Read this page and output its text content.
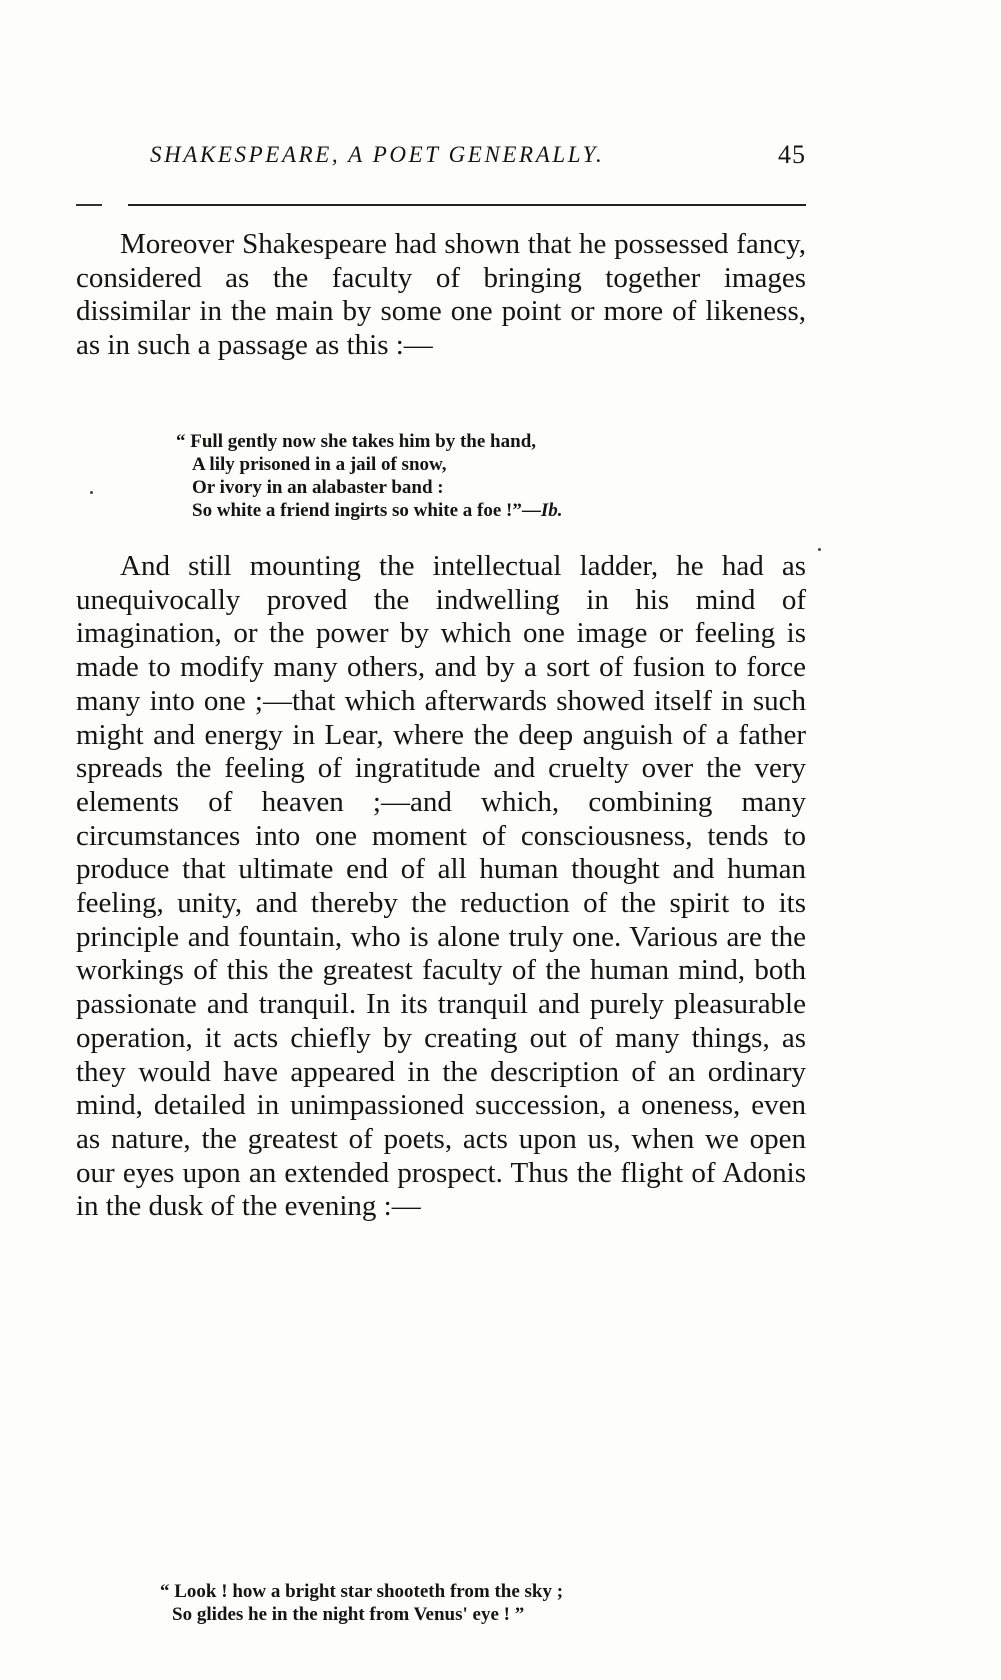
SHAKESPEARE, A POET GENERALLY.	45

Moreover Shakespeare had shown that he possessed fancy, considered as the faculty of bringing together images dissimilar in the main by some one point or more of likeness, as in such a passage as this :—

“ Full gently now she takes him by the hand,
A lily prisoned in a jail of snow,
Or ivory in an alabaster band :
So white a friend ingirts so white a foe !”—Ib.

And still mounting the intellectual ladder, he had as unequivocally proved the indwelling in his mind of imagination, or the power by which one image or feeling is made to modify many others, and by a sort of fusion to force many into one ;—that which afterwards showed itself in such might and energy in Lear, where the deep anguish of a father spreads the feeling of ingratitude and cruelty over the very elements of heaven ;—and which, combining many circumstances into one moment of consciousness, tends to produce that ultimate end of all human thought and human feeling, unity, and thereby the reduction of the spirit to its principle and fountain, who is alone truly one. Various are the workings of this the greatest faculty of the human mind, both passionate and tranquil. In its tranquil and purely pleasurable operation, it acts chiefly by creating out of many things, as they would have appeared in the description of an ordinary mind, detailed in unimpassioned succession, a oneness, even as nature, the greatest of poets, acts upon us, when we open our eyes upon an extended prospect. Thus the flight of Adonis in the dusk of the evening :—

“ Look ! how a bright star shooteth from the sky ;
So glides he in the night from Venus' eye ! ”
